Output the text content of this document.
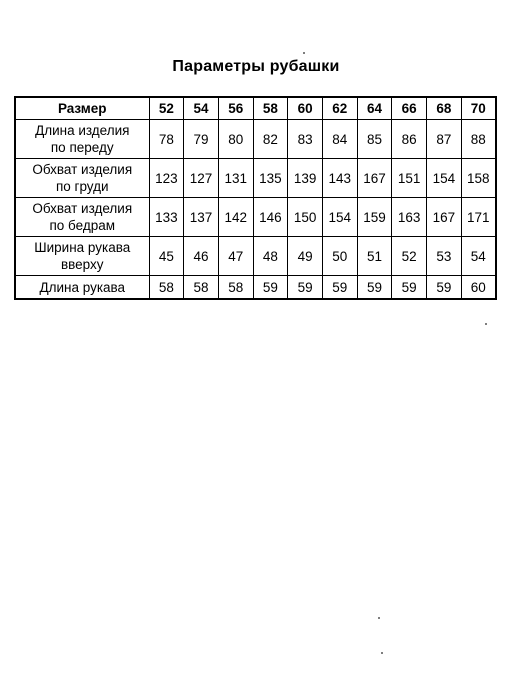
Параметры рубашки
Размер	52	54	56	58	60	62	64	66	68	70

Длина изделия
по переду	78	79	80	82	83	84	85	86	87	88

Обхват изделия
по груди	123	127	131	135	139	143	167	151	154	158

Обхват изделия
по бедрам	133	137	142	146	150	154	159	163	167	171

Ширина рукава
вверху	45	46	47	48	49	50	51	52	53	54

Длина рукава	58	58	58	59	59	59	59	59	59	60
